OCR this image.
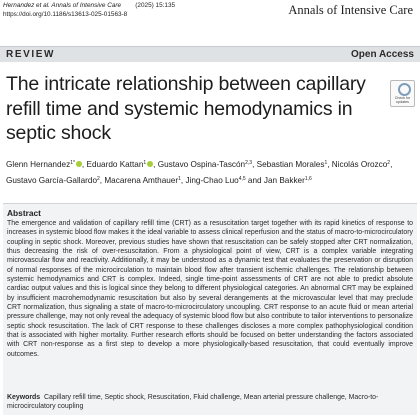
Hernandez et al. Annals of Intensive Care (2025) 15:135
https://doi.org/10.1186/s13613-025-01563-8	Annals of Intensive Care
REVIEW	Open Access
The intricate relationship between capillary refill time and systemic hemodynamics in septic shock
Check for updates
Glenn Hernandez$^{1*}$ , Eduardo Kattan$^1$ , Gustavo Ospina-Tascón$^{2,3}$, Sebastian Morales$^1$, Nicolás Orozco$^2$, Gustavo García-Gallardo$^2$, Macarena Amthauer$^1$, Jing-Chao Luo$^{4,5}$ and Jan Bakker$^{1,6}$
Abstract
The emergence and validation of capillary refill time (CRT) as a resuscitation target together with its rapid kinetics of response to increases in systemic blood flow makes it the ideal variable to assess clinical reperfusion and the status of macro-to-microcirculatory coupling in septic shock. Moreover, previous studies have shown that resuscitation can be safely stopped after CRT normalization, thus decreasing the risk of over-resuscitation. From a physiological point of view, CRT is a complex variable integrating microvascular flow and reactivity. Additionally, it may be understood as a dynamic test that evaluates the preservation or disruption of normal responses of the microcirculation to maintain blood flow after transient ischemic challenges. The relationship between systemic hemodynamics and CRT is complex. Indeed, single time-point assessments of CRT are not able to predict absolute cardiac output values and this is logical since they belong to different physiological categories. An abnormal CRT may be explained by insufficient macrohemodynamic resuscitation but also by several derangements at the microvascular level that may preclude CRT normalization, thus signaling a state of macro-to-microcirculatory uncoupling. CRT response to an acute fluid or mean arterial pressure challenge, may not only reveal the adequacy of systemic blood flow but also contribute to tailor interventions to personalize septic shock resuscitation. The lack of CRT response to these challenges discloses a more complex pathophysiological condition that is associated with higher mortality. Further research efforts should be focused on better understanding the factors associated with CRT non-response as a first step to develop a more physiologically-based resuscitation, that could eventually improve outcomes.
Keywords Capillary refill time, Septic shock, Resuscitation, Fluid challenge, Mean arterial pressure challenge, Macro-to-microcirculatory coupling
